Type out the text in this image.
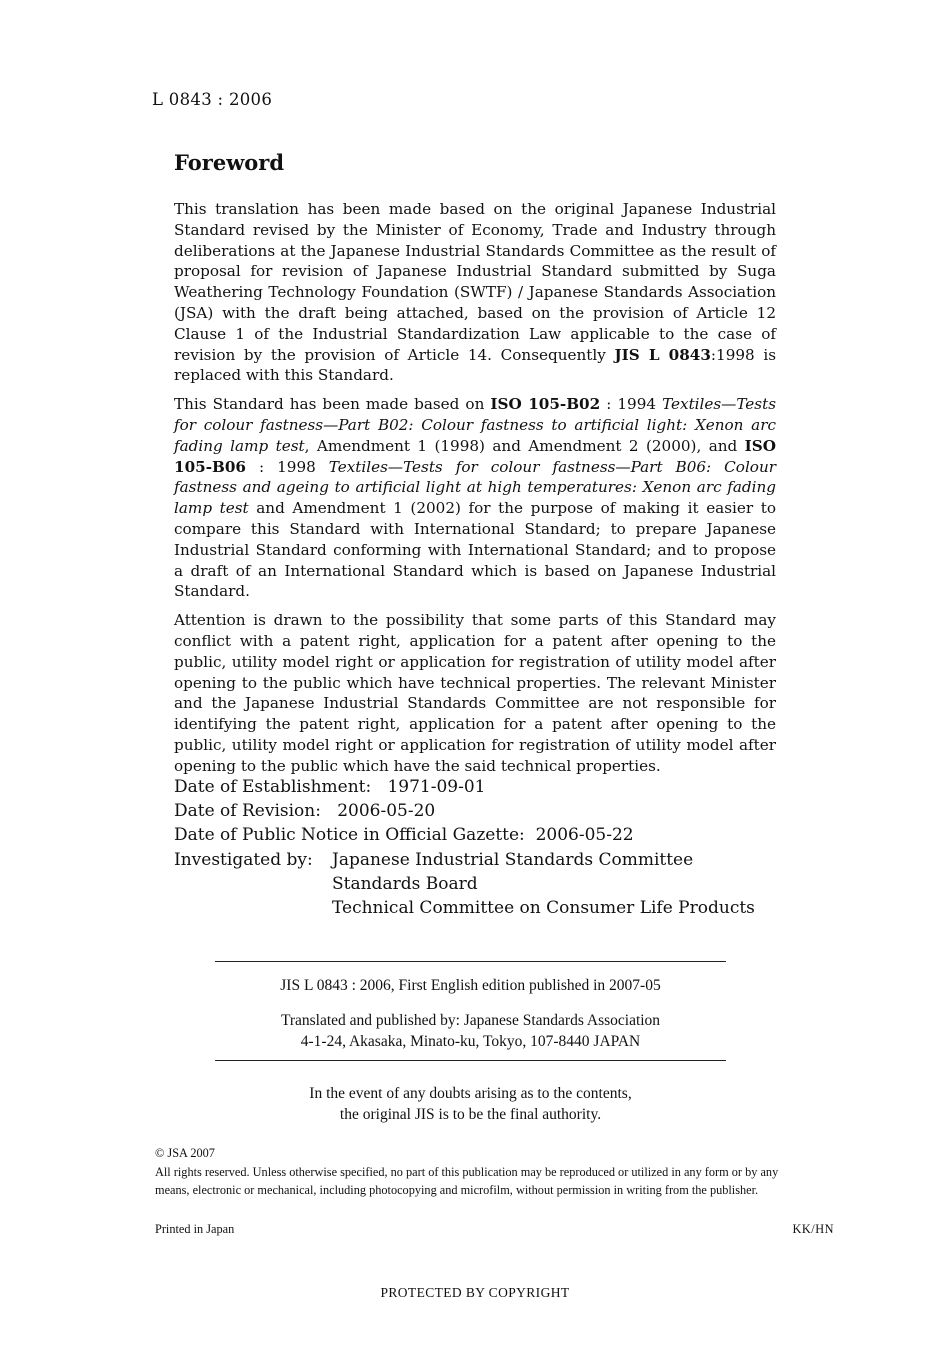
L 0843 : 2006
Foreword

This translation has been made based on the original Japanese Industrial Standard revised by the Minister of Economy, Trade and Industry through deliberations at the Japanese Industrial Standards Committee as the result of proposal for revision of Japanese Industrial Standard submitted by Suga Weathering Technology Foundation (SWTF) / Japanese Standards Association (JSA) with the draft being attached, based on the provision of Article 12 Clause 1 of the Industrial Standardization Law applicable to the case of revision by the provision of Article 14. Consequently JIS L 0843:1998 is replaced with this Standard.

This Standard has been made based on ISO 105-B02 : 1994 Textiles—Tests for colour fastness—Part B02: Colour fastness to artificial light: Xenon arc fading lamp test, Amendment 1 (1998) and Amendment 2 (2000), and ISO 105-B06 : 1998 Textiles—Tests for colour fastness—Part B06: Colour fastness and ageing to artificial light at high temperatures: Xenon arc fading lamp test and Amendment 1 (2002) for the purpose of making it easier to compare this Standard with International Standard; to prepare Japanese Industrial Standard conforming with International Standard; and to propose a draft of an International Standard which is based on Japanese Industrial Standard.

Attention is drawn to the possibility that some parts of this Standard may conflict with a patent right, application for a patent after opening to the public, utility model right or application for registration of utility model after opening to the public which have technical properties. The relevant Minister and the Japanese Industrial Standards Committee are not responsible for identifying the patent right, application for a patent after opening to the public, utility model right or application for registration of utility model after opening to the public which have the said technical properties.

Date of Establishment: 1971-09-01
Date of Revision: 2006-05-20
Date of Public Notice in Official Gazette: 2006-05-22
Investigated by: Japanese Industrial Standards Committee
Standards Board
Technical Committee on Consumer Life Products
JIS L 0843 : 2006, First English edition published in 2007-05
Translated and published by: Japanese Standards Association
4-1-24, Akasaka, Minato-ku, Tokyo, 107-8440 JAPAN
In the event of any doubts arising as to the contents,
the original JIS is to be the final authority.
© JSA 2007
All rights reserved. Unless otherwise specified, no part of this publication may be reproduced or utilized in any form or by any means, electronic or mechanical, including photocopying and microfilm, without permission in writing from the publisher.
Printed in Japan	KK/HN
PROTECTED BY COPYRIGHT
